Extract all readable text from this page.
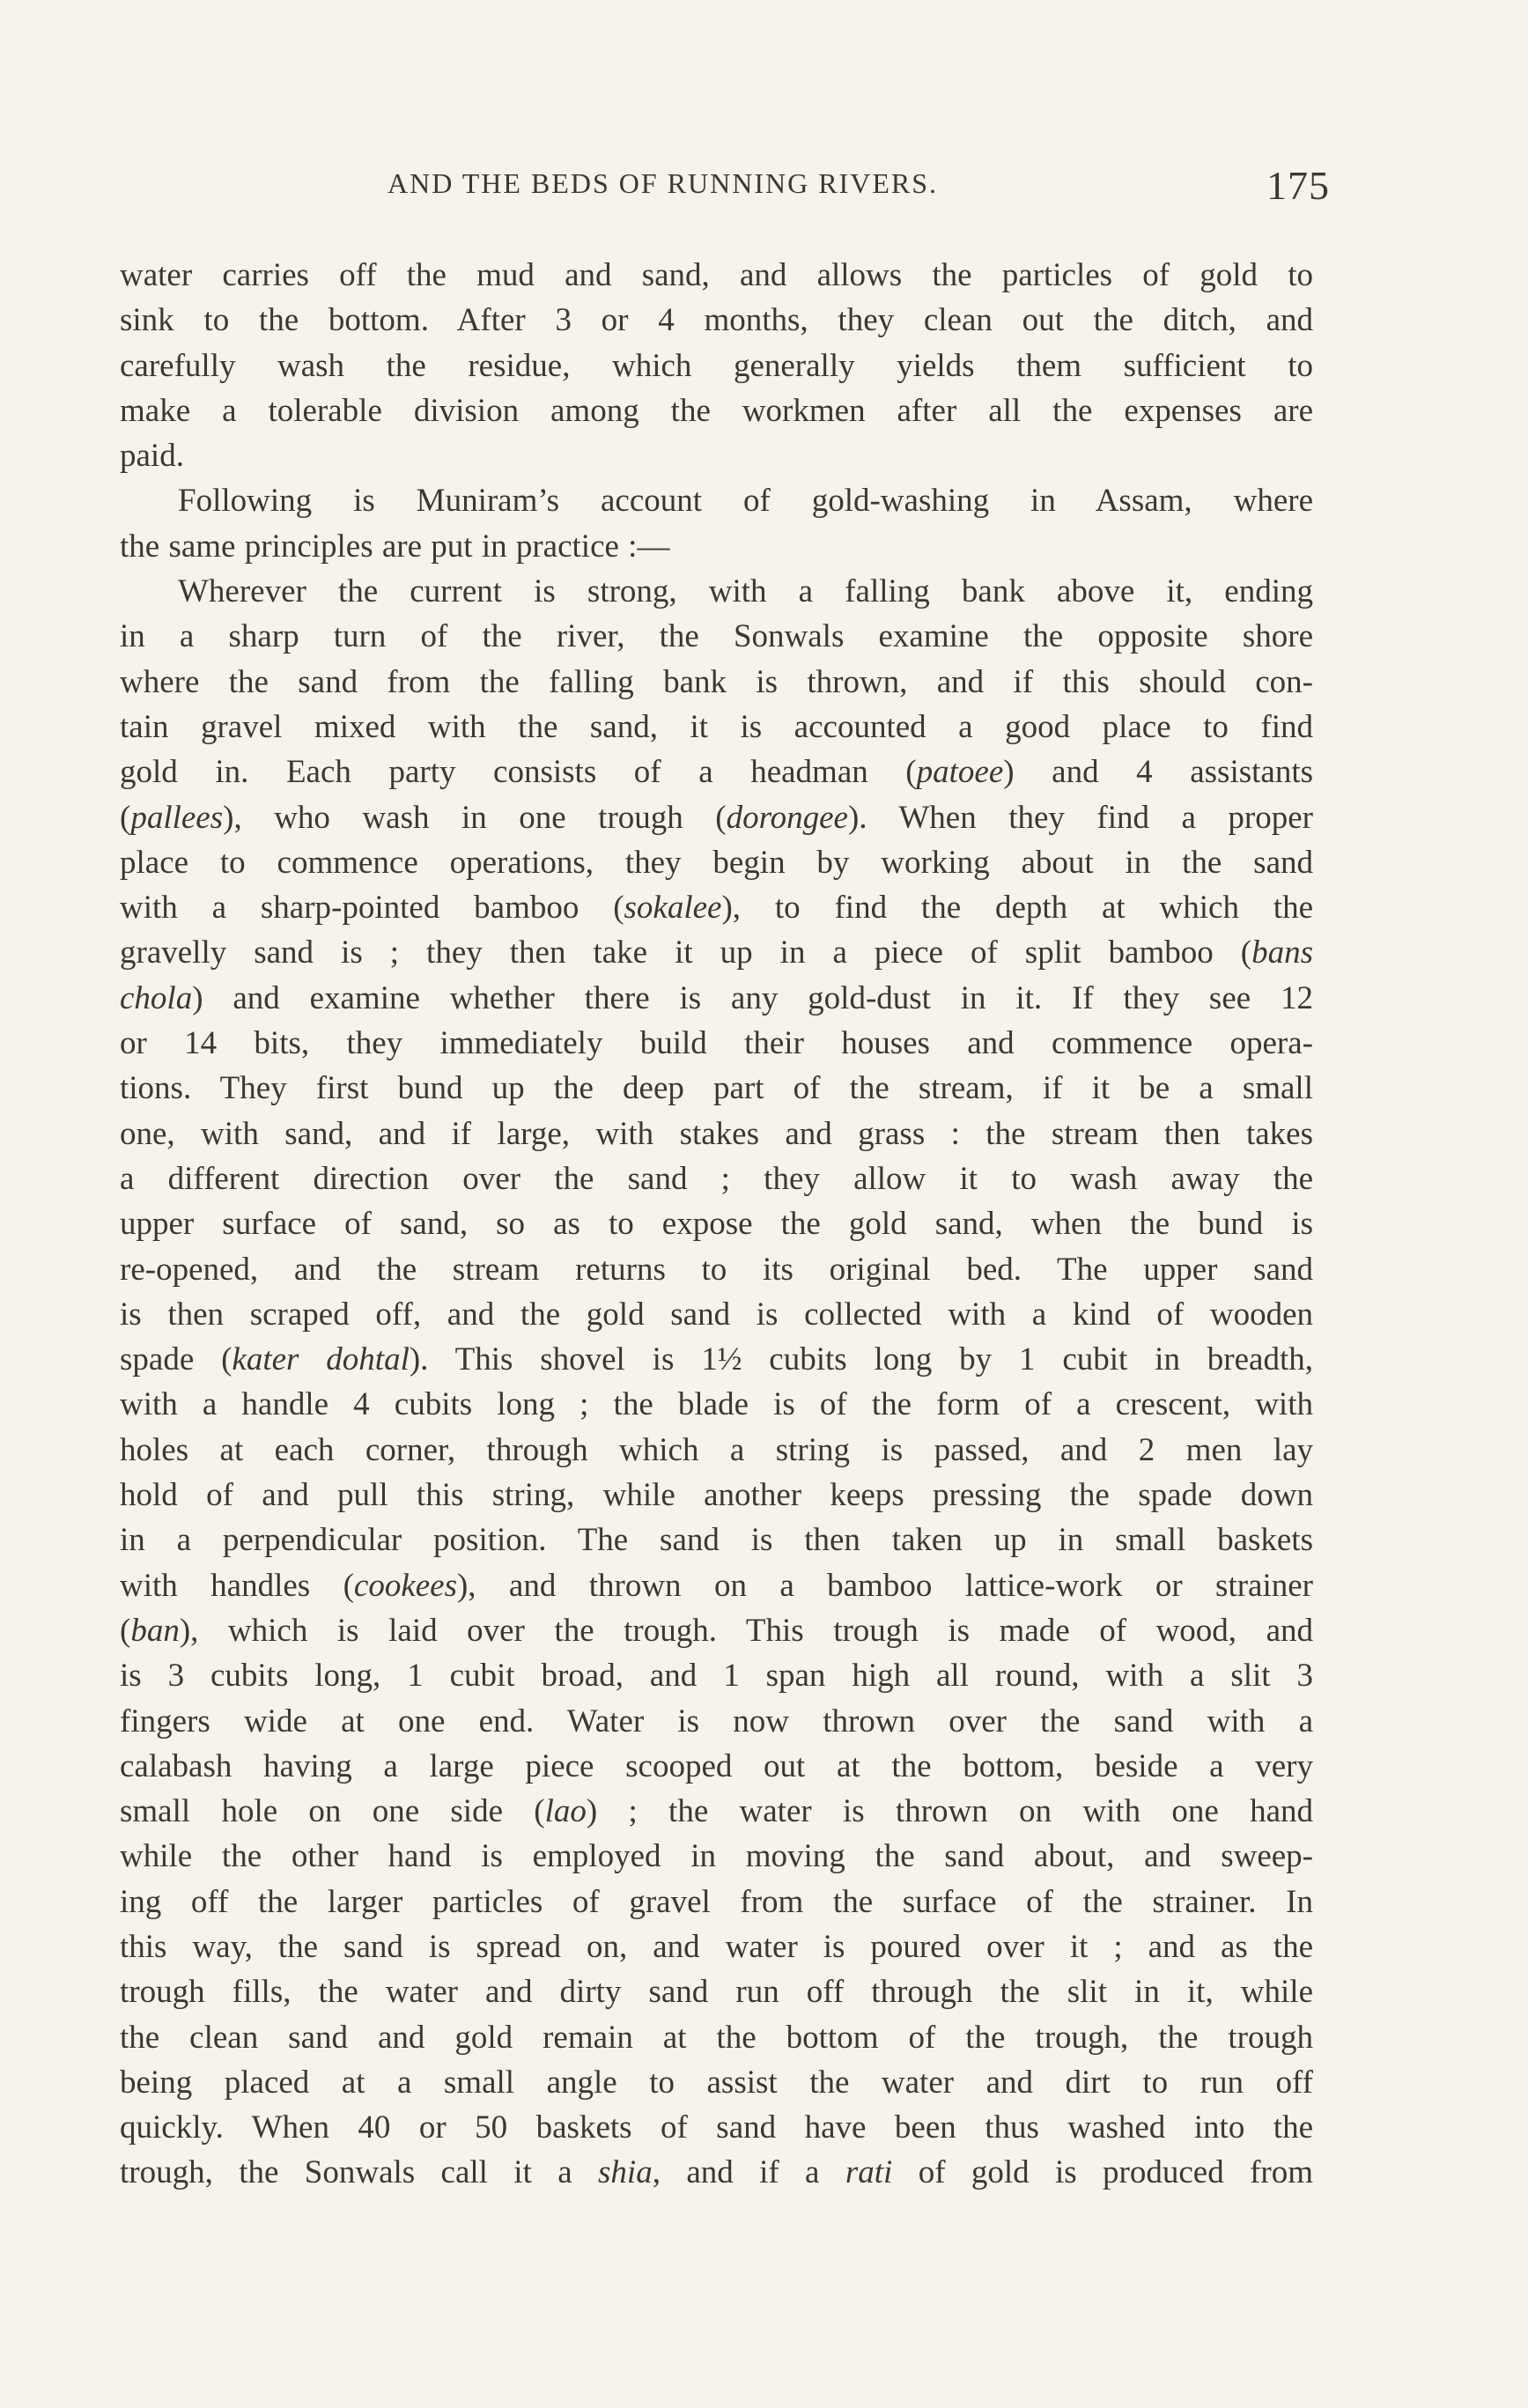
AND THE BEDS OF RUNNING RIVERS.	175
water carries off the mud and sand, and allows the particles of gold to
sink to the bottom. After 3 or 4 months, they clean out the ditch, and
carefully wash the residue, which generally yields them sufficient to
make a tolerable division among the workmen after all the expenses are
paid.
Following is Muniram’s account of gold-washing in Assam, where
the same principles are put in practice :—
Wherever the current is strong, with a falling bank above it, ending
in a sharp turn of the river, the Sonwals examine the opposite shore
where the sand from the falling bank is thrown, and if this should con-
tain gravel mixed with the sand, it is accounted a good place to find
gold in. Each party consists of a headman (patoee) and 4 assistants
(pallees), who wash in one trough (dorongee). When they find a proper
place to commence operations, they begin by working about in the sand
with a sharp-pointed bamboo (sokalee), to find the depth at which the
gravelly sand is ; they then take it up in a piece of split bamboo (bans
chola) and examine whether there is any gold-dust in it. If they see 12
or 14 bits, they immediately build their houses and commence opera-
tions. They first bund up the deep part of the stream, if it be a small
one, with sand, and if large, with stakes and grass : the stream then takes
a different direction over the sand ; they allow it to wash away the
upper surface of sand, so as to expose the gold sand, when the bund is
re-opened, and the stream returns to its original bed. The upper sand
is then scraped off, and the gold sand is collected with a kind of wooden
spade (kater dohtal). This shovel is 1½ cubits long by 1 cubit in breadth,
with a handle 4 cubits long ; the blade is of the form of a crescent, with
holes at each corner, through which a string is passed, and 2 men lay
hold of and pull this string, while another keeps pressing the spade down
in a perpendicular position. The sand is then taken up in small baskets
with handles (cookees), and thrown on a bamboo lattice-work or strainer
(ban), which is laid over the trough. This trough is made of wood, and
is 3 cubits long, 1 cubit broad, and 1 span high all round, with a slit 3
fingers wide at one end. Water is now thrown over the sand with a
calabash having a large piece scooped out at the bottom, beside a very
small hole on one side (lao) ; the water is thrown on with one hand
while the other hand is employed in moving the sand about, and sweep-
ing off the larger particles of gravel from the surface of the strainer. In
this way, the sand is spread on, and water is poured over it ; and as the
trough fills, the water and dirty sand run off through the slit in it, while
the clean sand and gold remain at the bottom of the trough, the trough
being placed at a small angle to assist the water and dirt to run off
quickly. When 40 or 50 baskets of sand have been thus washed into the
trough, the Sonwals call it a shia, and if a rati of gold is produced from
